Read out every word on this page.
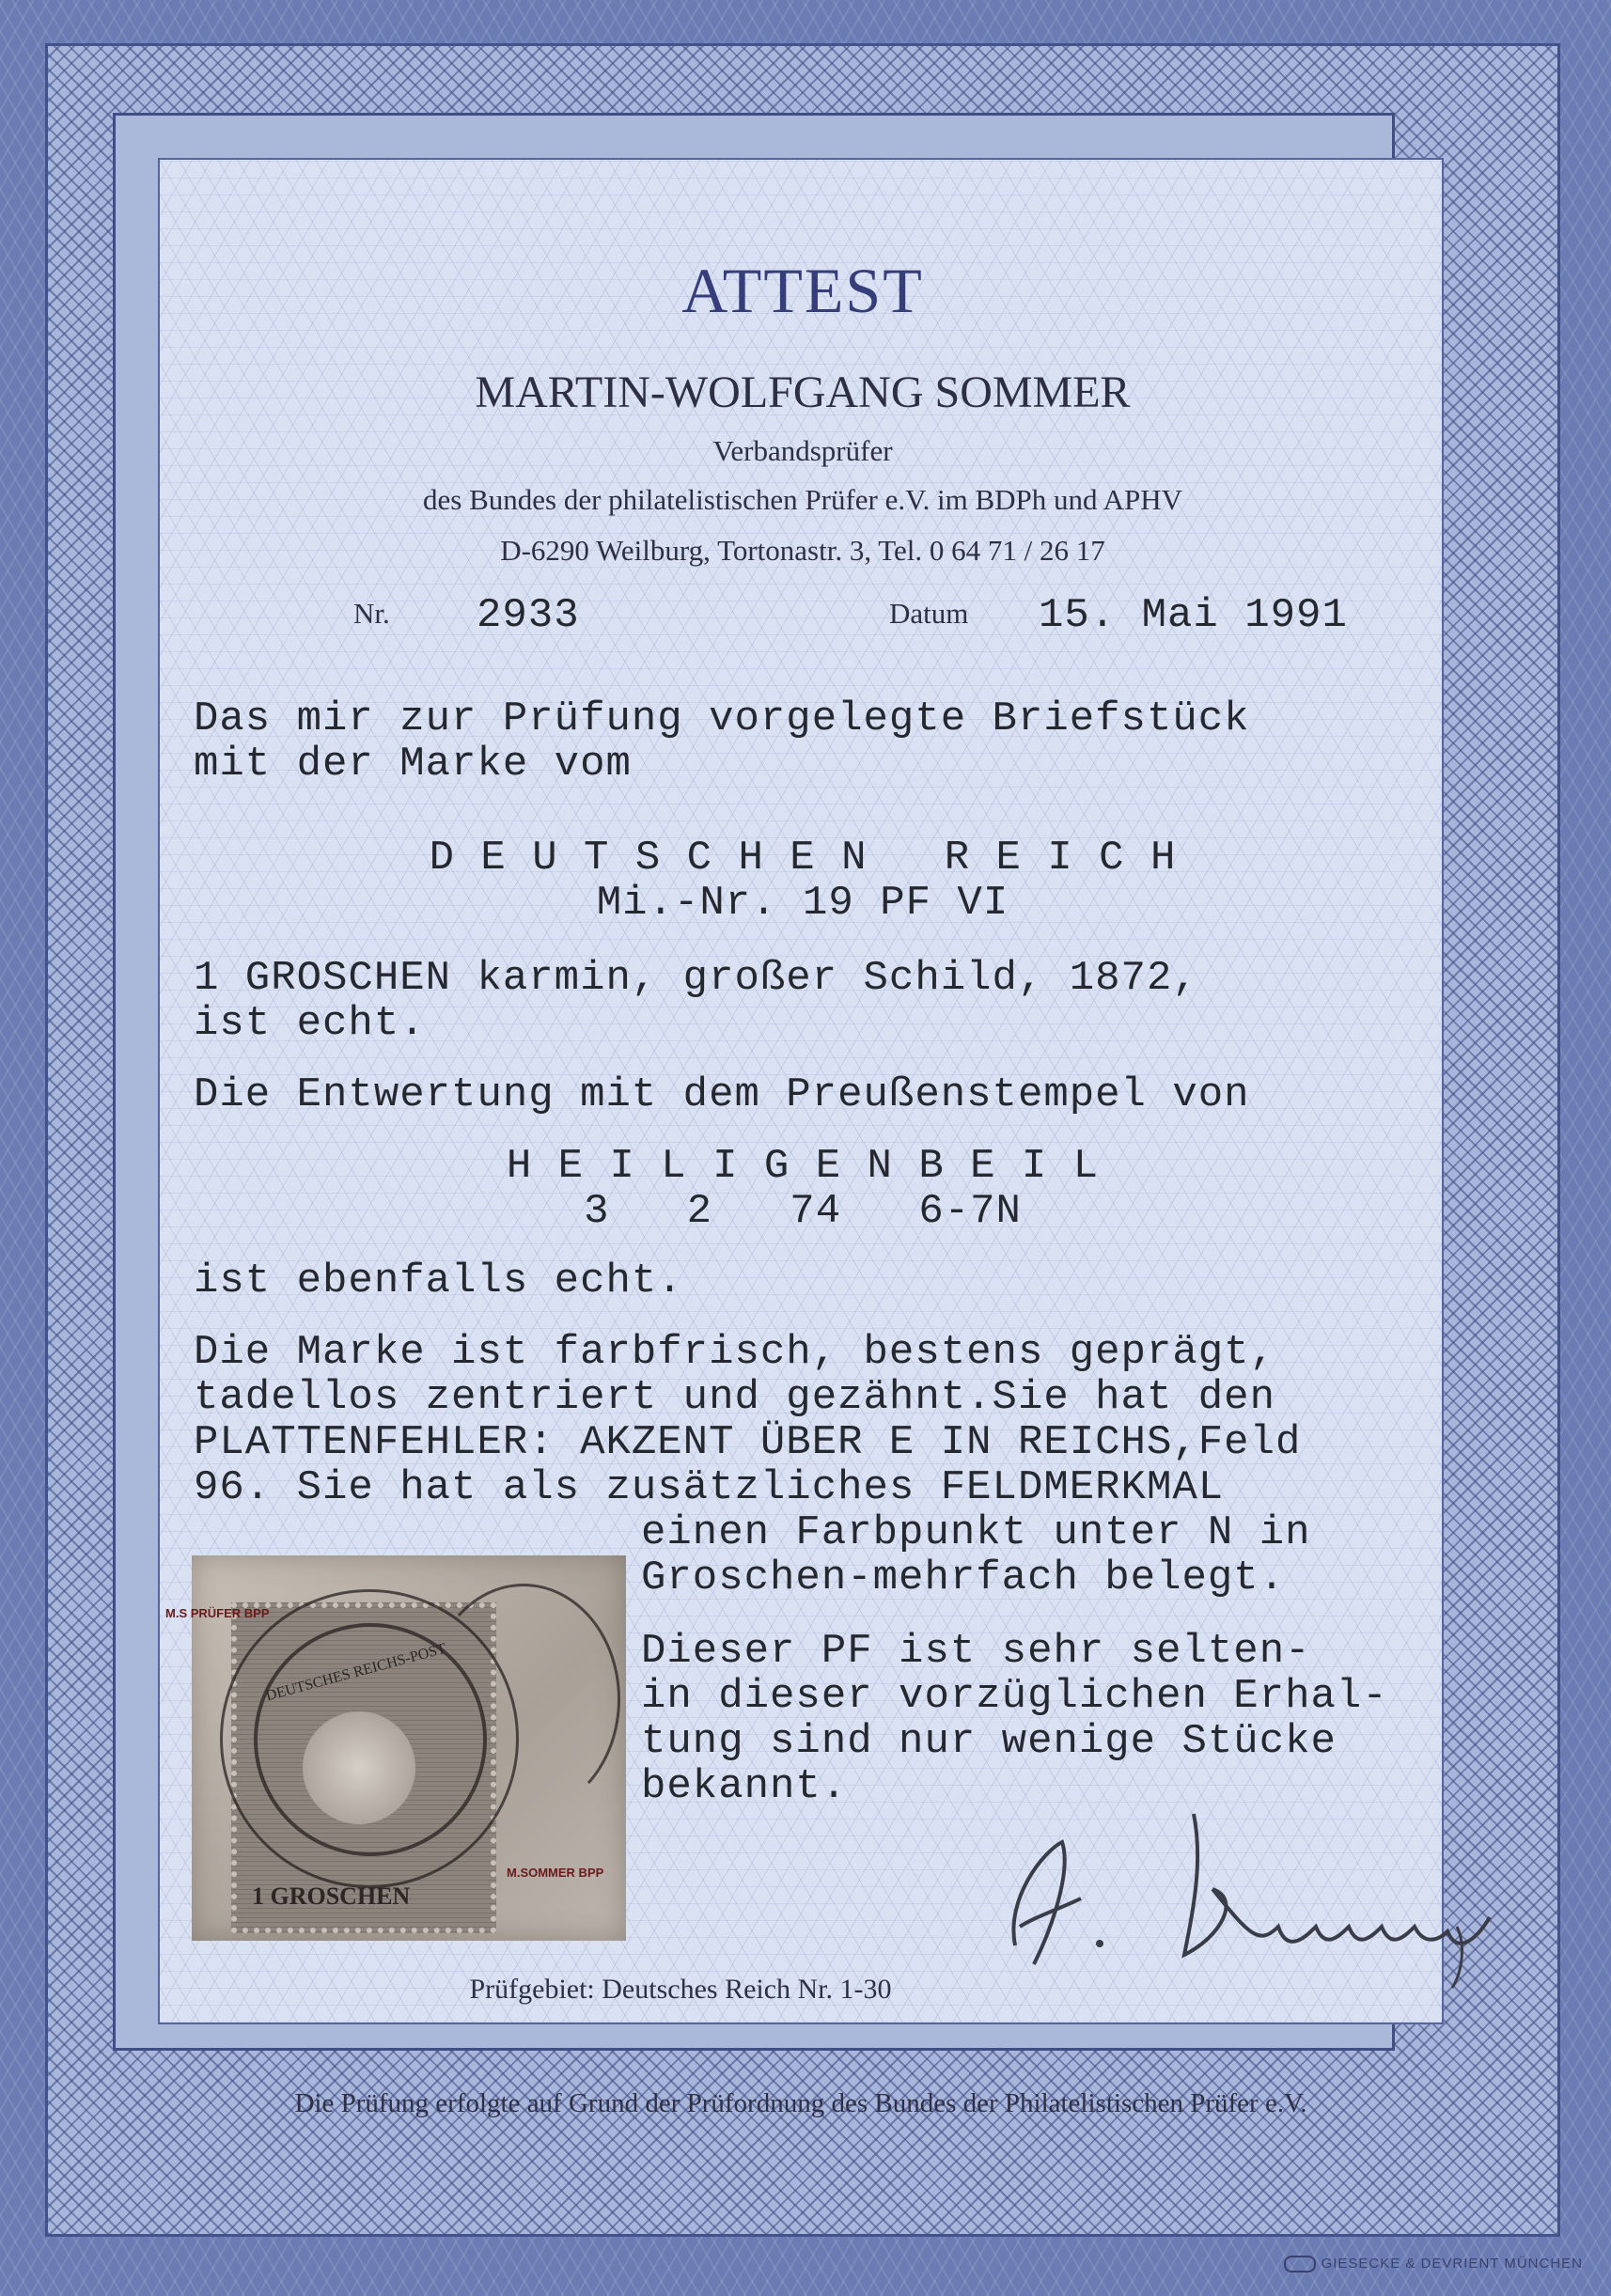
ATTEST
MARTIN-WOLFGANG SOMMER
Verbandsprüfer
des Bundes der philatelistischen Prüfer e.V. im BDPh und APHV
D-6290 Weilburg, Tortonastr. 3, Tel. 0 64 71 / 26 17
Nr. 2933	Datum 15. Mai 1991
Das mir zur Prüfung vorgelegte Briefstück
mit der Marke vom
D E U T S C H E N   R E I C H
Mi.-Nr. 19 PF VI
1 GROSCHEN karmin, großer Schild, 1872,
ist echt.
Die Entwertung mit dem Preußenstempel von
H E I L I G E N B E I L
3   2   74   6-7N
ist ebenfalls echt.
Die Marke ist farbfrisch, bestens geprägt,
tadellos zentriert und gezähnt.Sie hat den
PLATTENFEHLER: AKZENT ÜBER E IN REICHS,Feld
96. Sie hat als zusätzliches FELDMERKMAL
einen Farbpunkt unter N in
Groschen-mehrfach belegt.
Dieser PF ist sehr selten-
in dieser vorzüglichen Erhal-
tung sind nur wenige Stücke
bekannt.
1 GROSCHEN
DEUTSCHES REICHS-POST
M.S PRÜFER BPP
M.SOMMER BPP
Prüfgebiet: Deutsches Reich Nr. 1-30
Die Prüfung erfolgte auf Grund der Prüfordnung des Bundes der Philatelistischen Prüfer e.V.
GIESECKE & DEVRIENT MÜNCHEN
